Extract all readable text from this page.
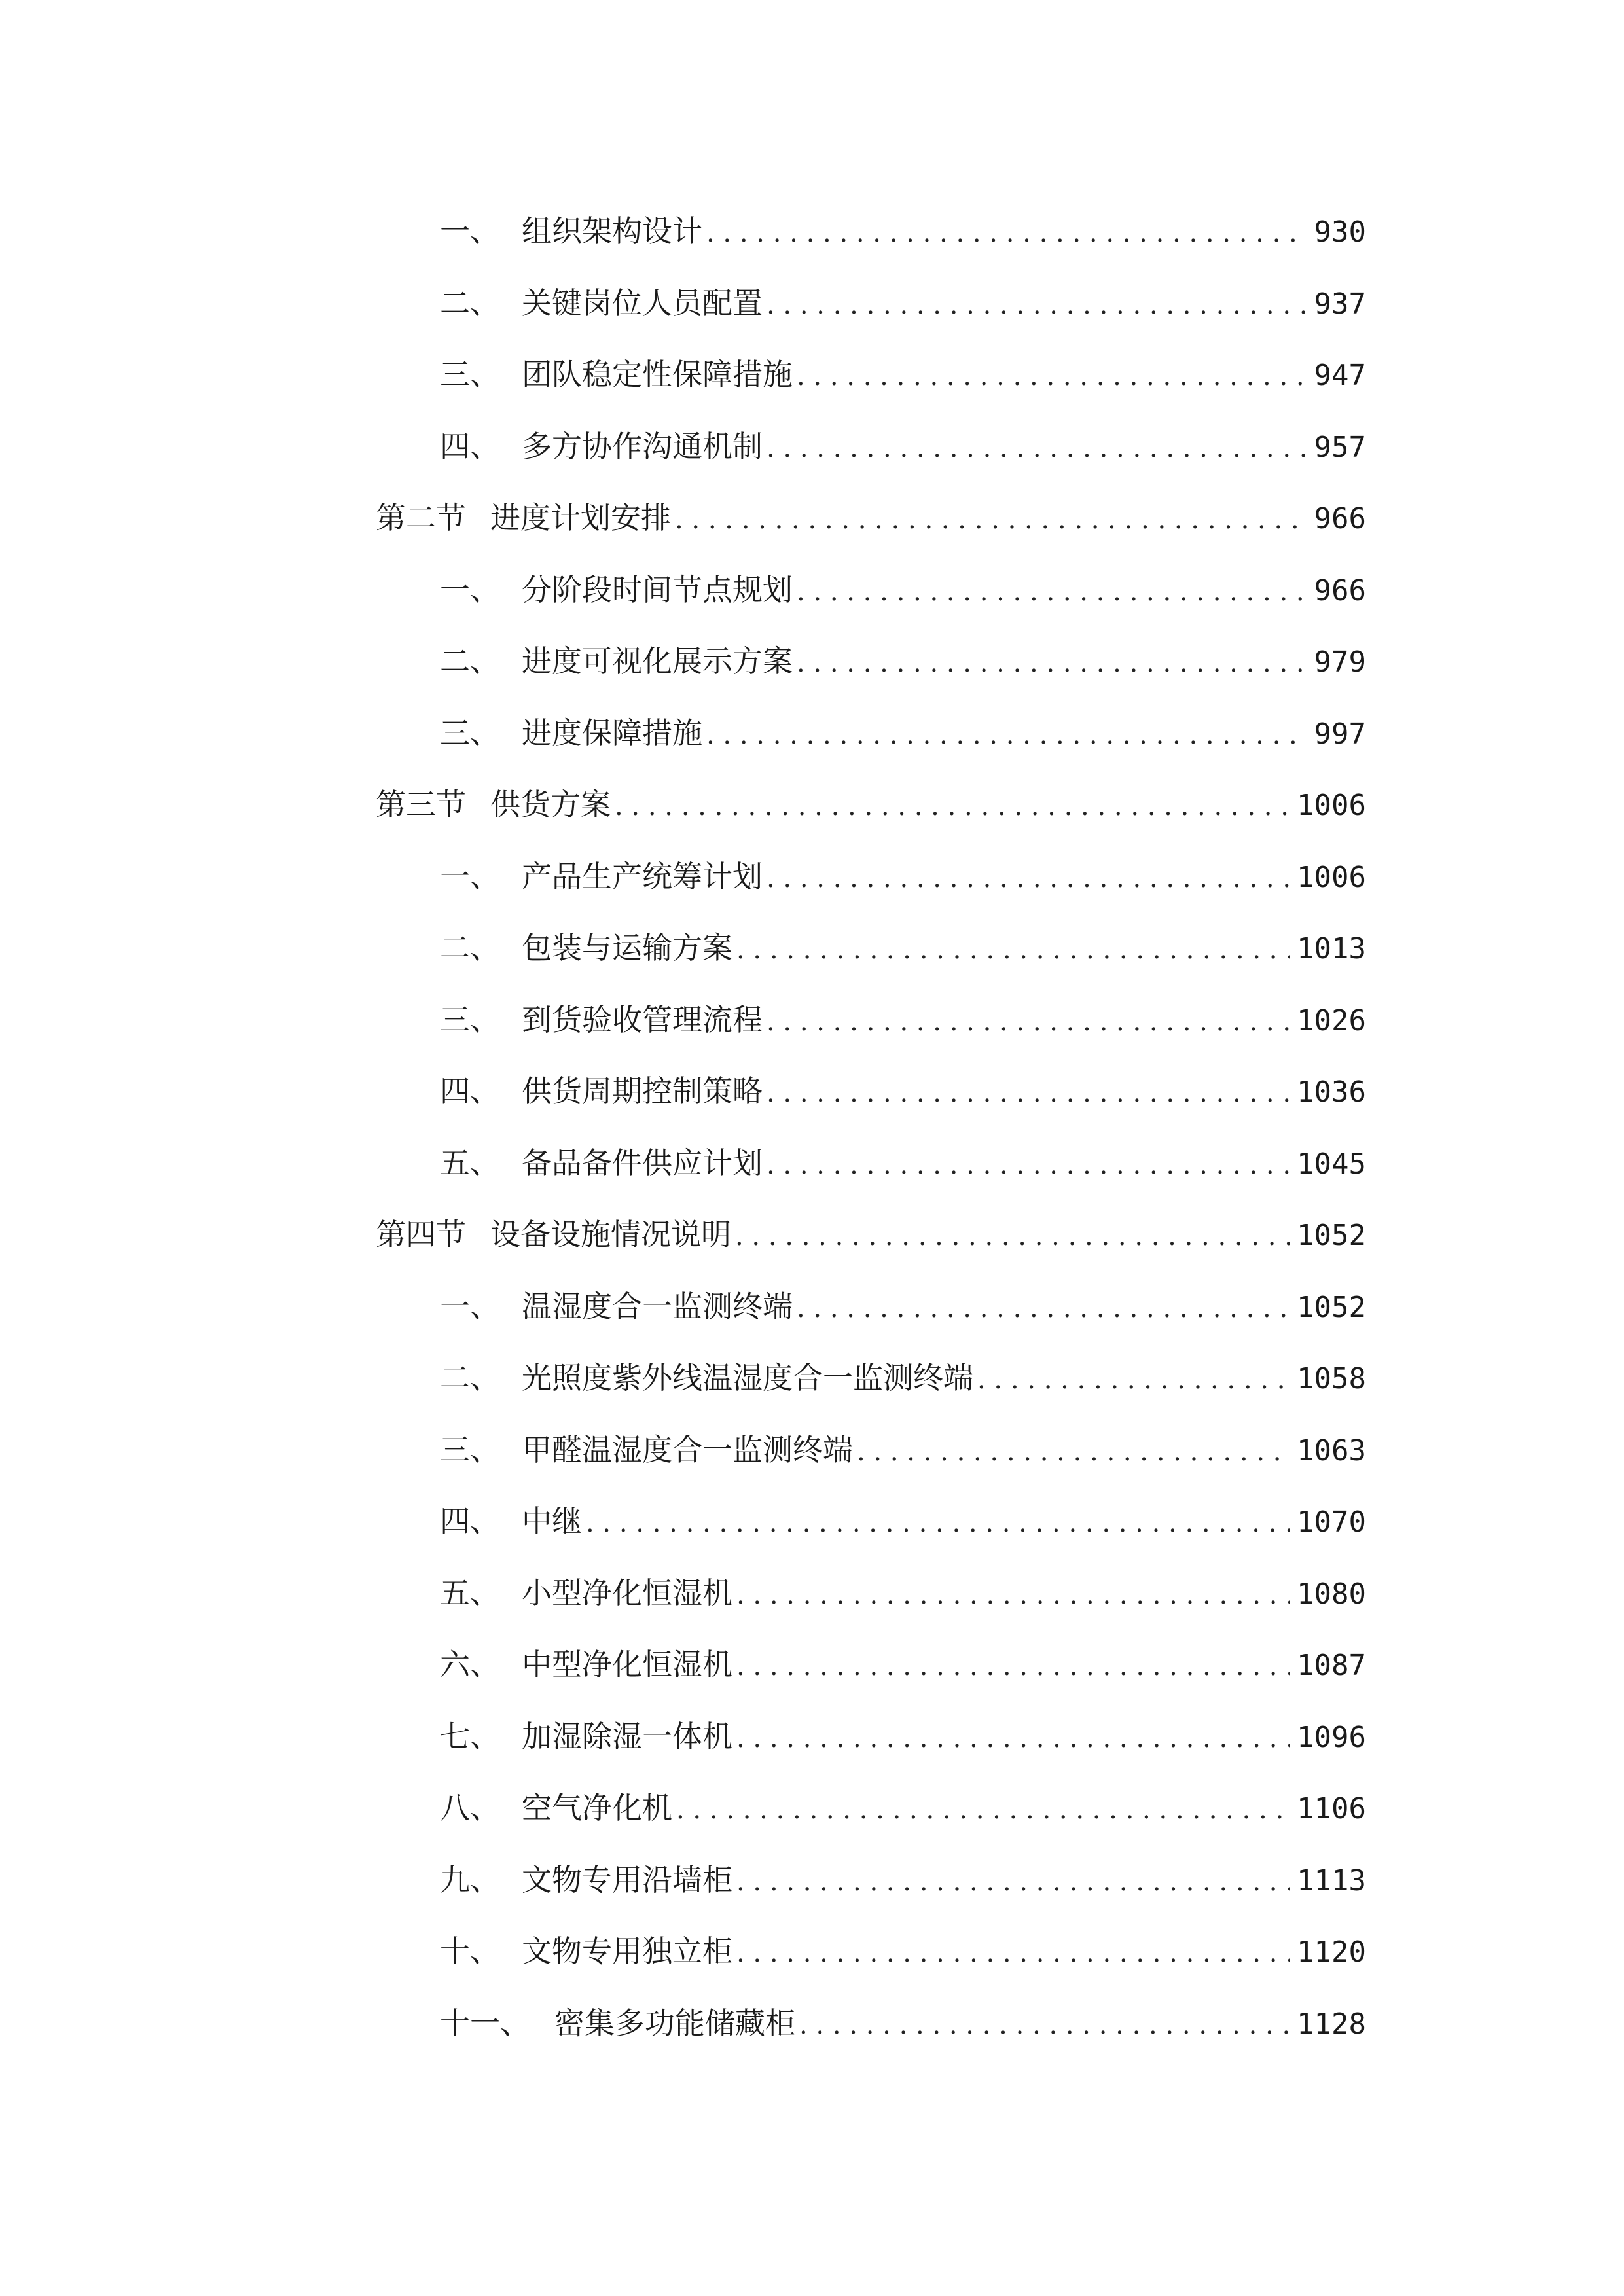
一、 组织架构设计 . . .	930
二、 关键岗位人员配置 . . .	937
三、 团队稳定性保障措施 . . .	947
四、 多方协作沟通机制 . . .	957
第二节 进度计划安排 . . .	966
一、 分阶段时间节点规划 . . .	966
二、 进度可视化展示方案 . . .	979
三、 进度保障措施 . . .	997
第三节 供货方案 . . .	1006
一、 产品生产统筹计划 . . .	1006
二、 包装与运输方案 . . .	1013
三、 到货验收管理流程 . . .	1026
四、 供货周期控制策略 . . .	1036
五、 备品备件供应计划 . . .	1045
第四节 设备设施情况说明 . . .	1052
一、 温湿度合一监测终端 . . .	1052
二、 光照度紫外线温湿度合一监测终端 . . .	1058
三、 甲醛温湿度合一监测终端 . . .	1063
四、 中继 . . .	1070
五、 小型净化恒湿机 . . .	1080
六、 中型净化恒湿机 . . .	1087
七、 加湿除湿一体机 . . .	1096
八、 空气净化机 . . .	1106
九、 文物专用沿墙柜 . . .	1113
十、 文物专用独立柜 . . .	1120
十一、 密集多功能储藏柜 . . .	1128
